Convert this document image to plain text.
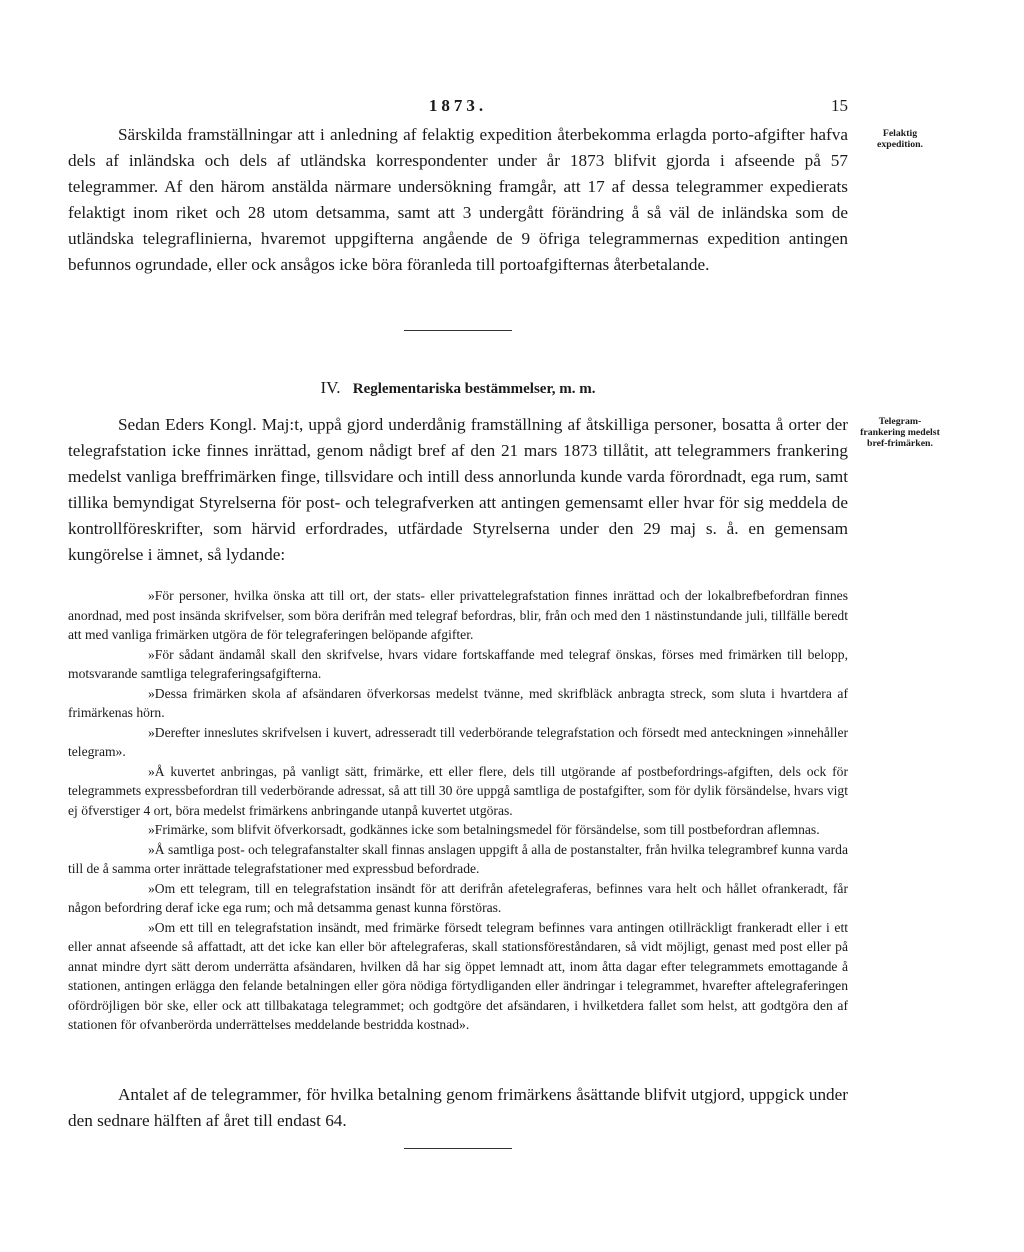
1873.	15
Felaktig expedition.

Särskilda framställningar att i anledning af felaktig expedition återbekomma erlagda porto-afgifter hafva dels af inländska och dels af utländska korrespondenter under år 1873 blifvit gjorda i afseende på 57 telegrammer. Af den härom anstälda närmare undersökning framgår, att 17 af dessa telegrammer expedierats felaktigt inom riket och 28 utom detsamma, samt att 3 undergått förändring å så väl de inländska som de utländska telegraflinierna, hvaremot uppgifterna angående de 9 öfriga telegrammernas expedition antingen befunnos ogrundade, eller ock ansågos icke böra föranleda till portoafgifternas återbetalande.

IV. Reglementariska bestämmelser, m. m.
Telegram-frankering medelst bref-frimärken.

Sedan Eders Kongl. Maj:t, uppå gjord underdånig framställning af åtskilliga personer, bosatta å orter der telegrafstation icke finnes inrättad, genom nådigt bref af den 21 mars 1873 tillåtit, att telegrammers frankering medelst vanliga breffrimärken finge, tillsvidare och intill dess annorlunda kunde varda förordnadt, ega rum, samt tillika bemyndigat Styrelserna för post- och telegrafverken att antingen gemensamt eller hvar för sig meddela de kontrollföreskrifter, som härvid erfordrades, utfärdade Styrelserna under den 29 maj s. å. en gemensam kungörelse i ämnet, så lydande:

»För personer, hvilka önska att till ort, der stats- eller privattelegrafstation finnes inrättad och der lokalbrefbefordran finnes anordnad, med post insända skrifvelser, som böra derifrån med telegraf befordras, blir, från och med den 1 nästinstundande juli, tillfälle beredt att med vanliga frimärken utgöra de för telegraferingen belöpande afgifter.

»För sådant ändamål skall den skrifvelse, hvars vidare fortskaffande med telegraf önskas, förses med frimärken till belopp, motsvarande samtliga telegraferingsafgifterna.

»Dessa frimärken skola af afsändaren öfverkorsas medelst tvänne, med skrifbläck anbragta streck, som sluta i hvartdera af frimärkenas hörn.

»Derefter inneslutes skrifvelsen i kuvert, adresseradt till vederbörande telegrafstation och försedt med anteckningen »innehåller telegram».

»Å kuvertet anbringas, på vanligt sätt, frimärke, ett eller flere, dels till utgörande af postbefordrings-afgiften, dels ock för telegrammets expressbefordran till vederbörande adressat, så att till 30 öre uppgå samtliga de postafgifter, som för dylik försändelse, hvars vigt ej öfverstiger 4 ort, böra medelst frimärkens anbringande utanpå kuvertet utgöras.

»Frimärke, som blifvit öfverkorsadt, godkännes icke som betalningsmedel för försändelse, som till postbefordran aflemnas.

»Å samtliga post- och telegrafanstalter skall finnas anslagen uppgift å alla de postanstalter, från hvilka telegrambref kunna varda till de å samma orter inrättade telegrafstationer med expressbud befordrade.

»Om ett telegram, till en telegrafstation insändt för att derifrån afetelegraferas, befinnes vara helt och hållet ofrankeradt, får någon befordring deraf icke ega rum; och må detsamma genast kunna förstöras.

»Om ett till en telegrafstation insändt, med frimärke försedt telegram befinnes vara antingen otillräckligt frankeradt eller i ett eller annat afseende så affattadt, att det icke kan eller bör aftelegraferas, skall stationsföreståndaren, så vidt möjligt, genast med post eller på annat mindre dyrt sätt derom underrätta afsändaren, hvilken då har sig öppet lemnadt att, inom åtta dagar efter telegrammets emottagande å stationen, antingen erlägga den felande betalningen eller göra nödiga förtydliganden eller ändringar i telegrammet, hvarefter aftelegraferingen ofördröjligen bör ske, eller ock att tillbakataga telegrammet; och godtgöre det afsändaren, i hvilketdera fallet som helst, att godtgöra den af stationen för ofvanberörda underrättelses meddelande bestridda kostnad».

Antalet af de telegrammer, för hvilka betalning genom frimärkens åsättande blifvit utgjord, uppgick under den sednare hälften af året till endast 64.
